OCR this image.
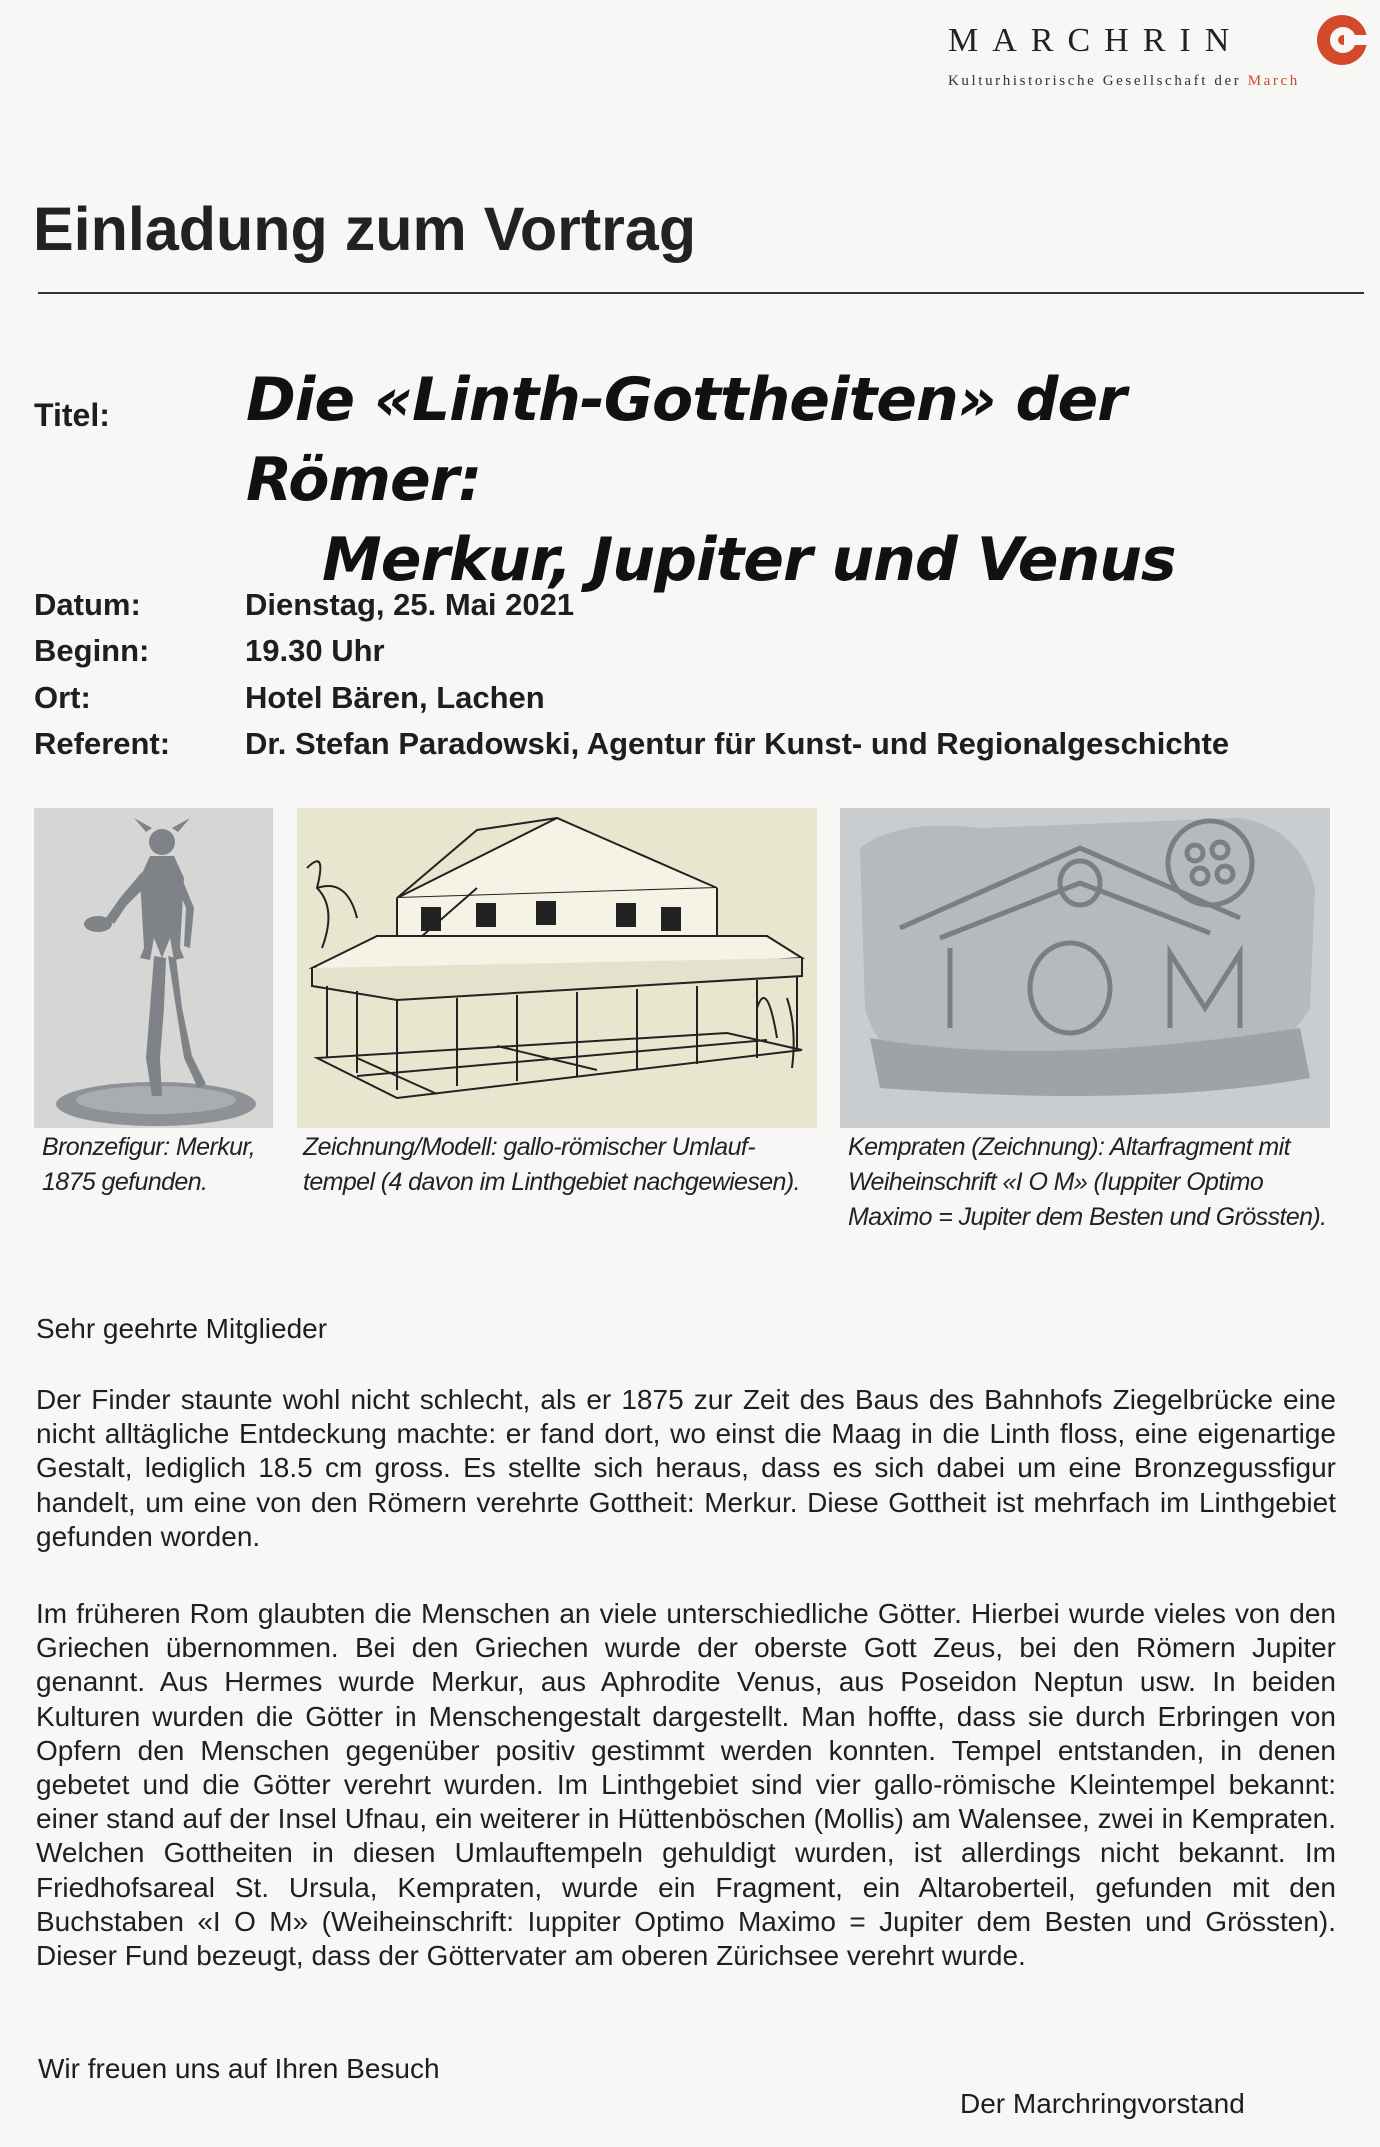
MARCHRIN
Kulturhistorische Gesellschaft der March
Einladung zum Vortrag
Titel: Die «Linth-Gottheiten» der Römer:
Merkur, Jupiter und Venus
Datum:	Dienstag, 25. Mai 2021
Beginn:	19.30 Uhr
Ort:	Hotel Bären, Lachen
Referent: Dr. Stefan Paradowski, Agentur für Kunst- und Regionalgeschichte
Bronzefigur: Merkur,
1875 gefunden.
Zeichnung/Modell: gallo-römischer Umlauf-
tempel (4 davon im Linthgebiet nachgewiesen).
Kempraten (Zeichnung): Altarfragment mit
Weiheinschrift «I O M» (Iuppiter Optimo
Maximo = Jupiter dem Besten und Grössten).
Sehr geehrte Mitglieder
Der Finder staunte wohl nicht schlecht, als er 1875 zur Zeit des Baus des Bahnhofs Ziegelbrücke eine nicht alltägliche Entdeckung machte: er fand dort, wo einst die Maag in die Linth floss, eine eigenartige Gestalt, lediglich 18.5 cm gross. Es stellte sich heraus, dass es sich dabei um eine Bronzegussfigur handelt, um eine von den Römern verehrte Gottheit: Merkur. Diese Gottheit ist mehrfach im Linthgebiet gefunden worden.
Im früheren Rom glaubten die Menschen an viele unterschiedliche Götter. Hierbei wurde vieles von den Griechen übernommen. Bei den Griechen wurde der oberste Gott Zeus, bei den Römern Jupiter genannt. Aus Hermes wurde Merkur, aus Aphrodite Venus, aus Poseidon Neptun usw. In beiden Kulturen wurden die Götter in Menschengestalt dargestellt. Man hoffte, dass sie durch Erbringen von Opfern den Menschen gegenüber positiv gestimmt werden konnten. Tempel entstanden, in denen gebetet und die Götter verehrt wurden. Im Linthgebiet sind vier gallo-römische Kleintempel bekannt: einer stand auf der Insel Ufnau, ein weiterer in Hüttenböschen (Mollis) am Walensee, zwei in Kempraten. Welchen Gottheiten in diesen Umlauftempeln gehuldigt wurden, ist allerdings nicht bekannt. Im Friedhofsareal St. Ursula, Kempraten, wurde ein Fragment, ein Altaroberteil, gefunden mit den Buchstaben «I O M» (Weiheinschrift: Iuppiter Optimo Maximo = Jupiter dem Besten und Grössten). Dieser Fund bezeugt, dass der Göttervater am oberen Zürichsee verehrt wurde.
Wir freuen uns auf Ihren Besuch
Der Marchringvorstand
